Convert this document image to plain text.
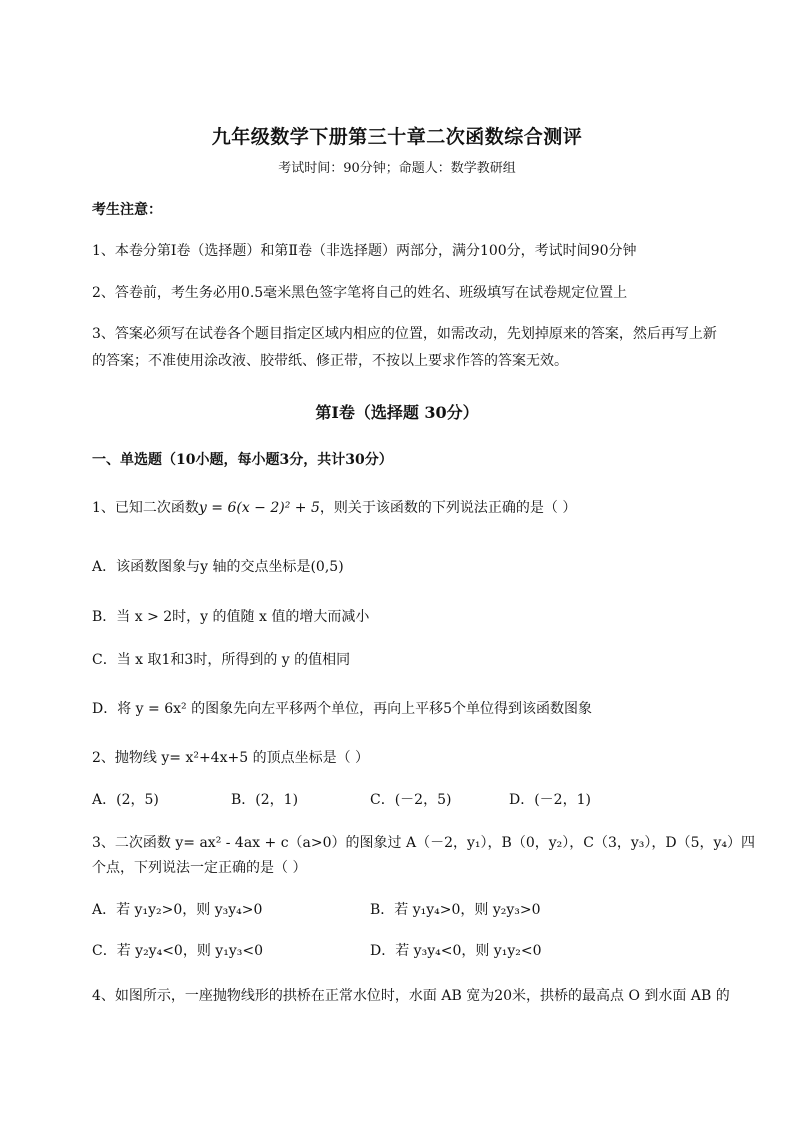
九年级数学下册第三十章二次函数综合测评
考试时间：90分钟；命题人：数学教研组
考生注意：
1、本卷分第I卷（选择题）和第Ⅱ卷（非选择题）两部分，满分100分，考试时间90分钟
2、答卷前，考生务必用0.5毫米黑色签字笔将自己的姓名、班级填写在试卷规定位置上
3、答案必须写在试卷各个题目指定区域内相应的位置，如需改动，先划掉原来的答案，然后再写上新
的答案；不准使用涂改液、胶带纸、修正带，不按以上要求作答的答案无效。
第I卷（选择题 30分）
一、单选题（10小题，每小题3分，共计30分）
1、已知二次函数y = 6(x − 2)² + 5，则关于该函数的下列说法正确的是（ ）
A．该函数图象与y 轴的交点坐标是(0,5)
B．当 x > 2时，y 的值随 x 值的增大而减小
C．当 x 取1和3时，所得到的 y 的值相同
D．将 y = 6x² 的图象先向左平移两个单位，再向上平移5个单位得到该函数图象
2、抛物线 y= x²+4x+5 的顶点坐标是（ ）
A．(2，5)	B．(2，1)	C．(－2，5)	D．(－2，1)
3、二次函数 y= ax² - 4ax + c（a>0）的图象过 A（－2，y₁），B（0，y₂），C（3，y₃），D（5，y₄）四
个点，下列说法一定正确的是（ ）
A．若 y₁y₂>0，则 y₃y₄>0	B．若 y₁y₄>0，则 y₂y₃>0
C．若 y₂y₄<0，则 y₁y₃<0	D．若 y₃y₄<0，则 y₁y₂<0
4、如图所示，一座抛物线形的拱桥在正常水位时，水面 AB 宽为20米，拱桥的最高点 O 到水面 AB 的
